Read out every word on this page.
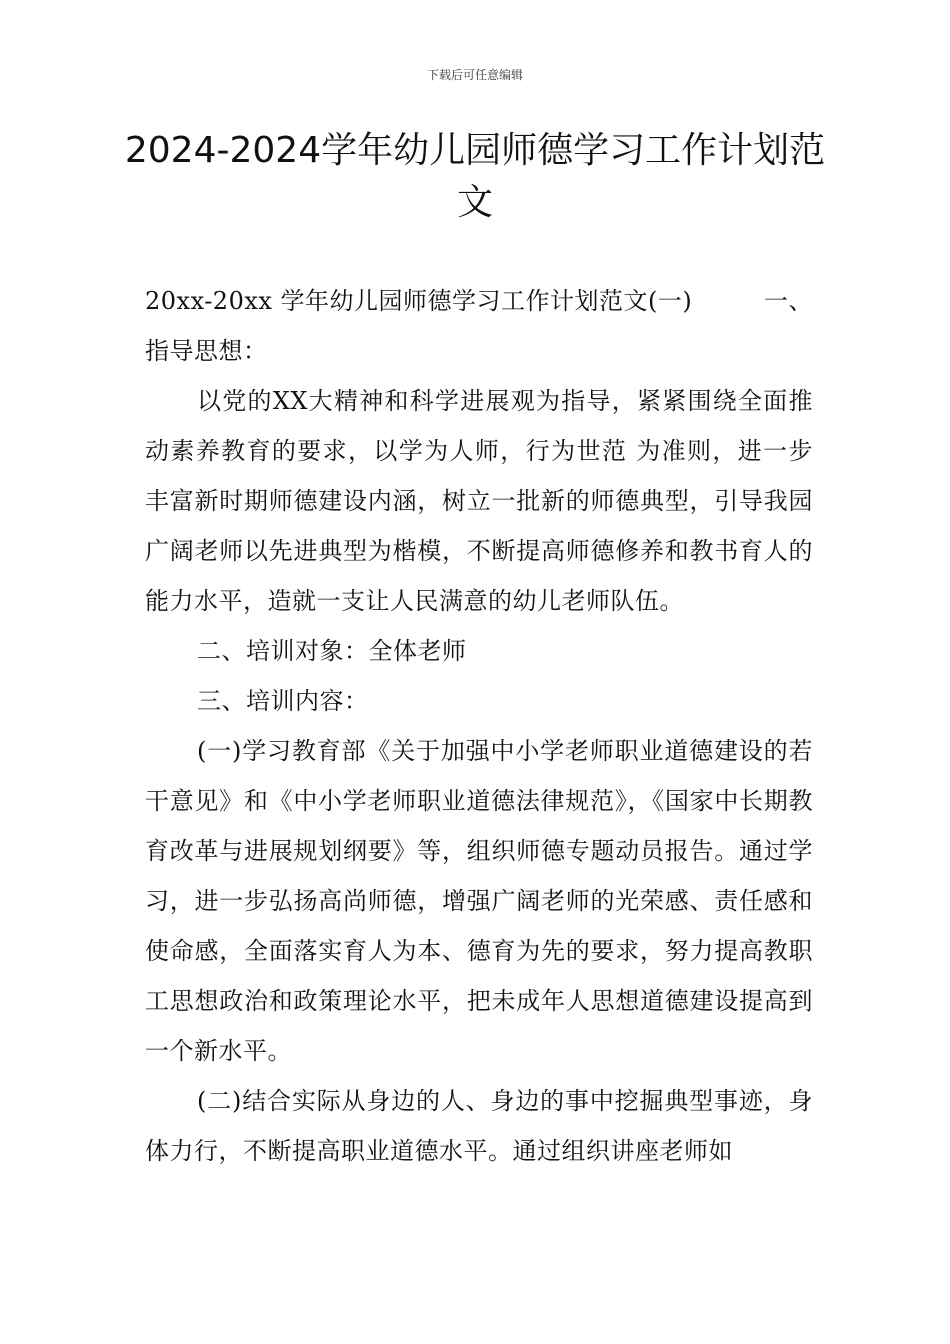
下载后可任意编辑
2024-2024学年幼儿园师德学习工作计划范文
20xx-20xx 学年幼儿园师德学习工作计划范文(一)	一、

指导思想：

以党的XX大精神和科学进展观为指导，紧紧围绕全面推动素养教育的要求，以学为人师，行为世范 为准则，进一步丰富新时期师德建设内涵，树立一批新的师德典型，引导我园广阔老师以先进典型为楷模，不断提高师德修养和教书育人的能力水平，造就一支让人民满意的幼儿老师队伍。

二、培训对象：全体老师

三、培训内容：

(一)学习教育部《关于加强中小学老师职业道德建设的若干意见》和《中小学老师职业道德法律规范》，《国家中长期教育改革与进展规划纲要》等，组织师德专题动员报告。通过学习，进一步弘扬高尚师德，增强广阔老师的光荣感、责任感和使命感，全面落实育人为本、德育为先的要求，努力提高教职工思想政治和政策理论水平，把未成年人思想道德建设提高到一个新水平。

(二)结合实际从身边的人、身边的事中挖掘典型事迹，身体力行，不断提高职业道德水平。通过组织讲座老师如
